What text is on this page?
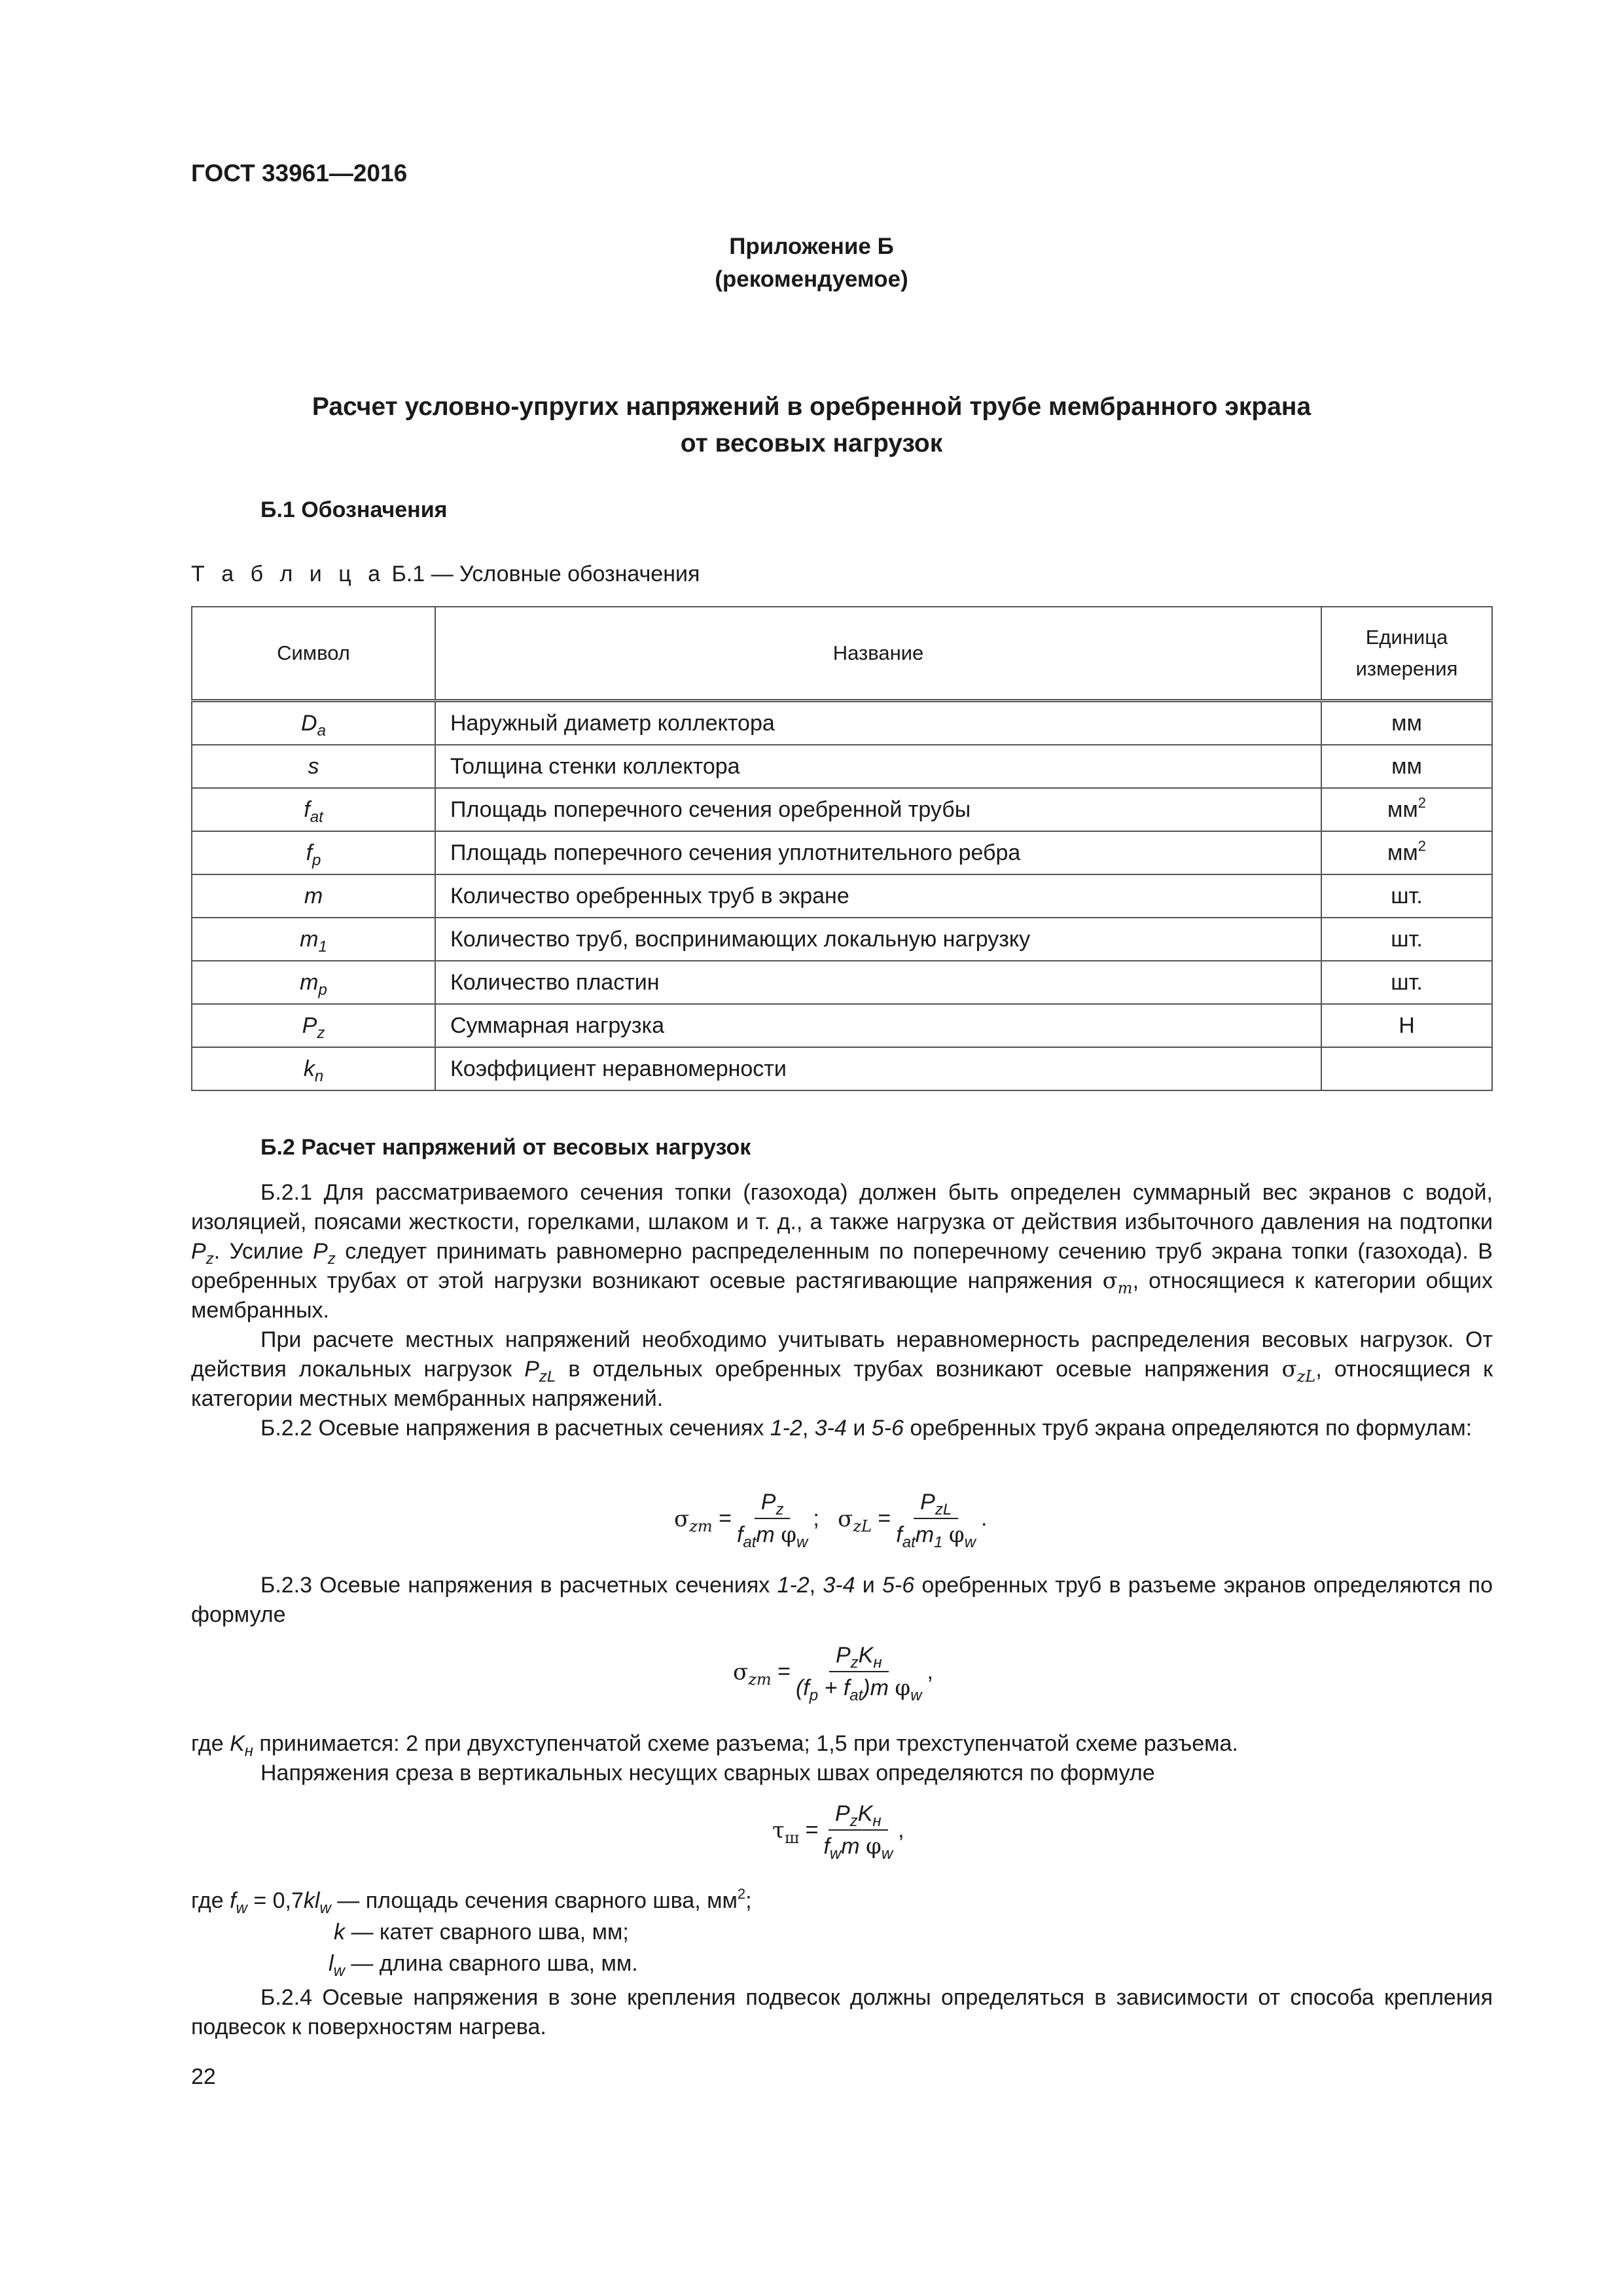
ГОСТ 33961—2016
Приложение Б
(рекомендуемое)
Расчет условно-упругих напряжений в оребренной трубе мембранного экрана
от весовых нагрузок
Б.1 Обозначения
Т а б л и ц а Б.1 — Условные обозначения
Символ	Название	Единица
измерения

$D_a$	Наружный диаметр коллектора	мм
s	Толщина стенки коллектора	мм
$f_{at}$	Площадь поперечного сечения оребренной трубы	$мм^2$
$f_p$	Площадь поперечного сечения уплотнительного ребра	$мм^2$
m	Количество оребренных труб в экране	шт.
$m_1$	Количество труб, воспринимающих локальную нагрузку	шт.
$m_p$	Количество пластин	шт.
$P_z$	Суммарная нагрузка	Н
$k_n$	Коэффициент неравномерности	
Б.2 Расчет напряжений от весовых нагрузок

Б.2.1 Для рассматриваемого сечения топки (газохода) должен быть определен суммарный вес экранов с водой, изоляцией, поясами жесткости, горелками, шлаком и т. д., а также нагрузка от действия избыточного давления на подтопки $P_z$. Усилие $P_z$ следует принимать равномерно распределенным по поперечному сечению труб экрана топки (газохода). В оребренных трубах от этой нагрузки возникают осевые растягивающие напряжения $\sigma_m$, относящиеся к категории общих мембранных.

При расчете местных напряжений необходимо учитывать неравномерность распределения весовых нагрузок. От действия локальных нагрузок $P_{zL}$ в отдельных оребренных трубах возникают осевые напряжения $\sigma_{zL}$, относящиеся к категории местных мембранных напряжений.

Б.2.2 Осевые напряжения в расчетных сечениях 1-2, 3-4 и 5-6 оребренных труб экрана определяются по формулам:

$\sigma_{zm} = \frac{P_z}{f_{at}m \varphi_w}$ ; $\sigma_{zL} = \frac{P_{zL}}{f_{at}m_1 \varphi_w}$ .

Б.2.3 Осевые напряжения в расчетных сечениях 1-2, 3-4 и 5-6 оребренных труб в разъеме экранов определяются по формуле

$\sigma_{zm} = \frac{P_zK_н}{(f_p + f_{at})m \varphi_w}$ ,

где $K_н$ принимается: 2 при двухступенчатой схеме разъема; 1,5 при трехступенчатой схеме разъема.

Напряжения среза в вертикальных несущих сварных швах определяются по формуле

$\tau_ш = \frac{P_zK_н}{f_wm \varphi_w}$ ,
где $f_w = 0,7kl_w$ — площадь сечения сварного шва, $мм^2$;
k — катет сварного шва, мм;
$l_w$ — длина сварного шва, мм.

Б.2.4 Осевые напряжения в зоне крепления подвесок должны определяться в зависимости от способа крепления подвесок к поверхностям нагрева.

22
